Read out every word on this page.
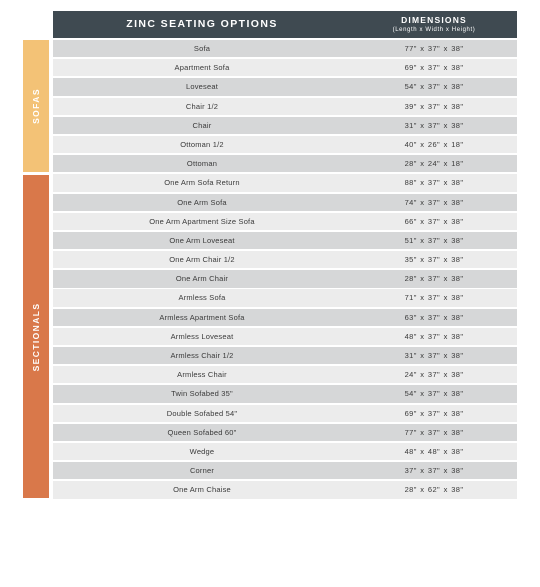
ZINC SEATING OPTIONS	DIMENSIONS
(Length x Width x Height)
SOFAS
SECTIONALS
Sofa	77" x 37" x 38"
Apartment Sofa	69" x 37" x 38"
Loveseat	54" x 37" x 38"
Chair 1/2	39" x 37" x 38"
Chair	31" x 37" x 38"
Ottoman 1/2	40" x 26" x 18"
Ottoman	28" x 24" x 18"
One Arm Sofa Return	88" x 37" x 38"
One Arm Sofa	74" x 37" x 38"
One Arm Apartment Size Sofa	66" x 37" x 38"
One Arm Loveseat	51" x 37" x 38"
One Arm Chair 1/2	35" x 37" x 38"
One Arm Chair	28" x 37" x 38"
Armless Sofa	71" x 37" x 38"
Armless Apartment Sofa	63" x 37" x 38"
Armless Loveseat	48" x 37" x 38"
Armless Chair 1/2	31" x 37" x 38"
Armless Chair	24" x 37" x 38"
Twin Sofabed 35"	54" x 37" x 38"
Double Sofabed 54"	69" x 37" x 38"
Queen Sofabed 60"	77" x 37" x 38"
Wedge	48" x 48" x 38"
Corner	37" x 37" x 38"
One Arm Chaise	28" x 62" x 38"
